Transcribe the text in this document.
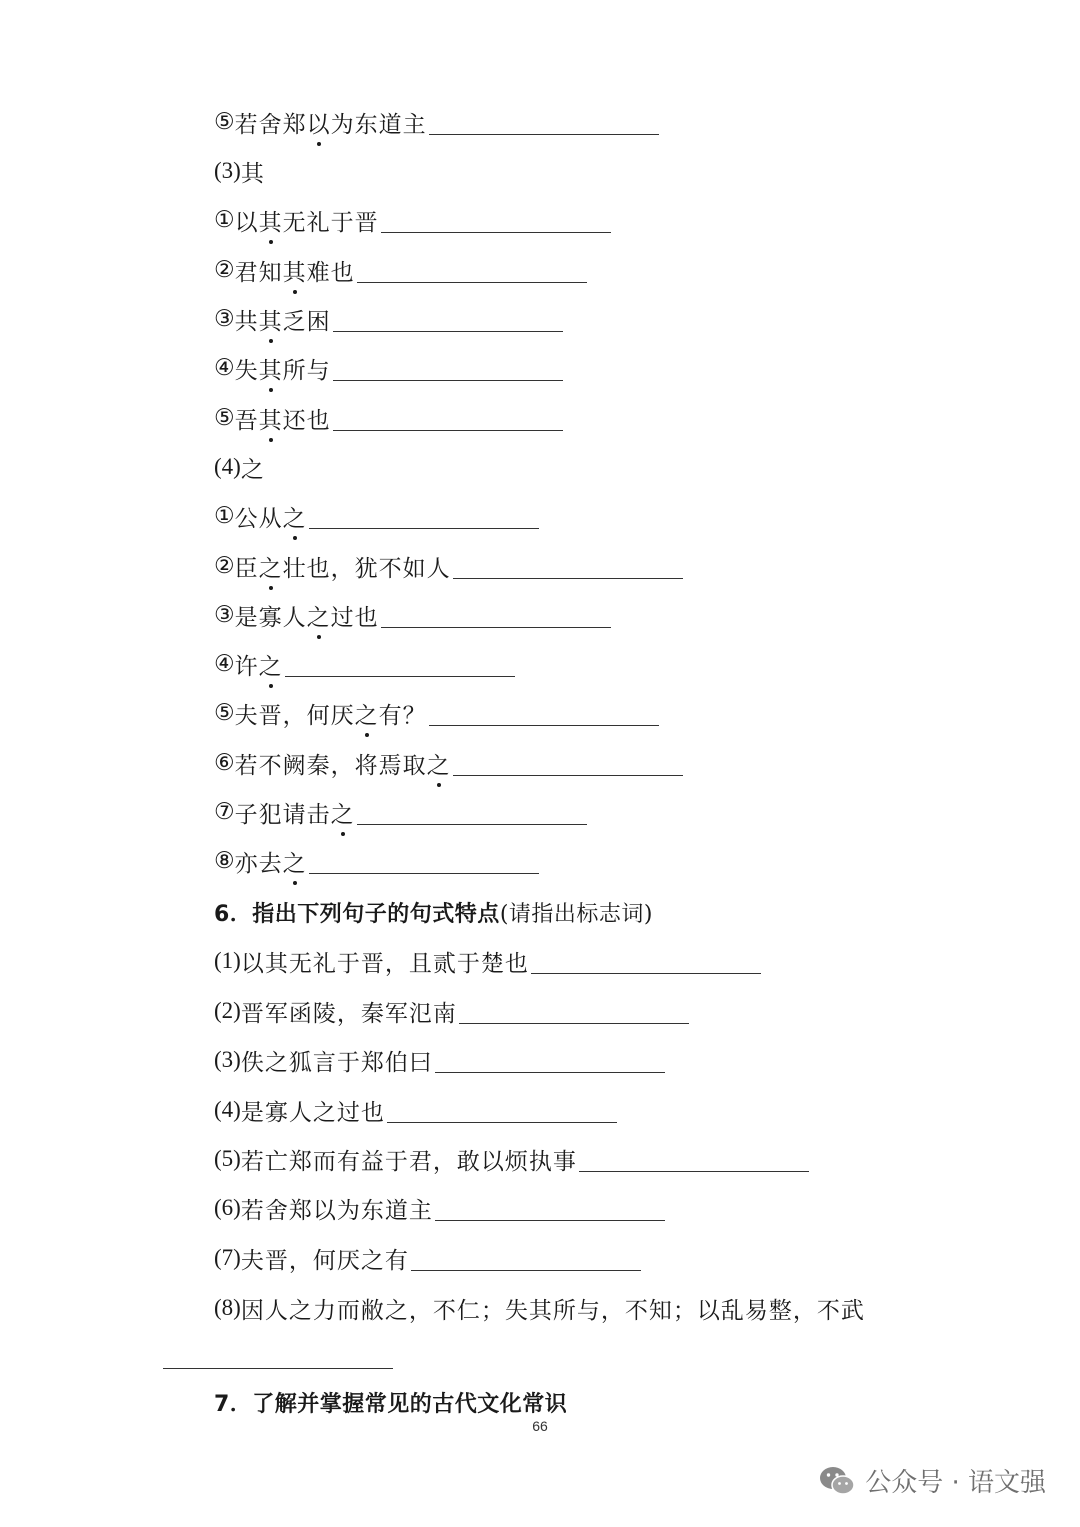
⑤ 若舍郑 以 为东道主
(3) 其
① 以 其 无礼于晋
② 君知 其 难也
③ 共 其 乏困
④ 失 其 所与
⑤ 吾 其 还也
(4) 之
① 公从 之
② 臣 之 壮也，犹不如人
③ 是寡人 之 过也
④ 许 之
⑤ 夫晋，何厌 之 有？
⑥ 若不阙秦，将焉取 之
⑦ 子犯请击 之
⑧ 亦去 之
6．指出下列句子的句式特点 (请指出标志词)
(1) 以其无礼于晋，且贰于楚也
(2) 晋军函陵，秦军氾南
(3) 佚之狐言于郑伯曰
(4) 是寡人之过也
(5) 若亡郑而有益于君，敢以烦执事
(6) 若舍郑以为东道主
(7) 夫晋，何厌之有
(8) 因人之力而敝之，不仁；失其所与，不知；以乱易整，不武
7．了解并掌握常见的古代文化常识
66
公众号 · 语文强
